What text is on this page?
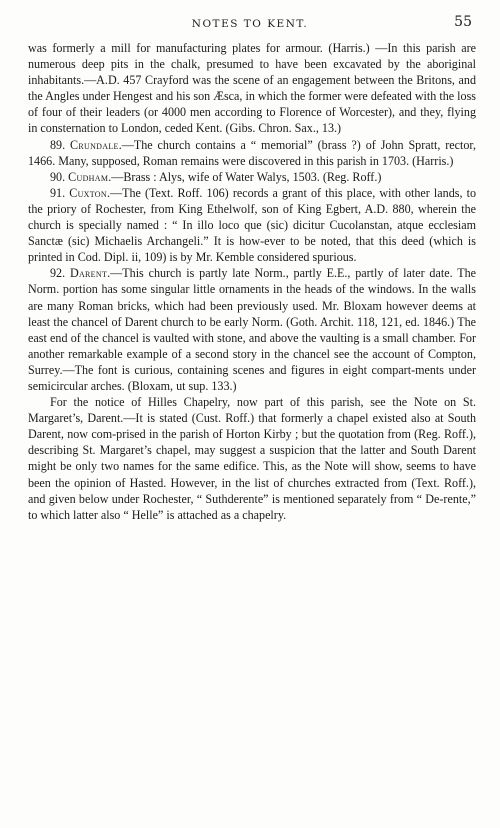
NOTES TO KENT.	55

was formerly a mill for manufacturing plates for armour. (Harris.) —In this parish are numerous deep pits in the chalk, presumed to have been excavated by the aboriginal inhabitants.—A.D. 457 Crayford was the scene of an engagement between the Britons, and the Angles under Hengest and his son Æsca, in which the former were defeated with the loss of four of their leaders (or 4000 men according to Florence of Worcester), and they, flying in consternation to London, ceded Kent. (Gibs. Chron. Sax., 13.)

89. Crundale.—The church contains a “ memorial” (brass ?) of John Spratt, rector, 1466. Many, supposed, Roman remains were discovered in this parish in 1703. (Harris.)

90. Cudham.—Brass : Alys, wife of Water Walys, 1503. (Reg. Roff.)

91. Cuxton.—The (Text. Roff. 106) records a grant of this place, with other lands, to the priory of Rochester, from King Ethelwolf, son of King Egbert, A.D. 880, wherein the church is specially named : “ In illo loco que (sic) dicitur Cucolanstan, atque ecclesiam Sanctæ (sic) Michaelis Archangeli.” It is how-ever to be noted, that this deed (which is printed in Cod. Dipl. ii, 109) is by Mr. Kemble considered spurious.

92. Darent.—This church is partly late Norm., partly E.E., partly of later date. The Norm. portion has some singular little ornaments in the heads of the windows. In the walls are many Roman bricks, which had been previously used. Mr. Bloxam however deems at least the chancel of Darent church to be early Norm. (Goth. Archit. 118, 121, ed. 1846.) The east end of the chancel is vaulted with stone, and above the vaulting is a small chamber. For another remarkable example of a second story in the chancel see the account of Compton, Surrey.—The font is curious, containing scenes and figures in eight compart-ments under semicircular arches. (Bloxam, ut sup. 133.)

For the notice of Hilles Chapelry, now part of this parish, see the Note on St. Margaret’s, Darent.—It is stated (Cust. Roff.) that formerly a chapel existed also at South Darent, now com-prised in the parish of Horton Kirby ; but the quotation from (Reg. Roff.), describing St. Margaret’s chapel, may suggest a suspicion that the latter and South Darent might be only two names for the same edifice. This, as the Note will show, seems to have been the opinion of Hasted. However, in the list of churches extracted from (Text. Roff.), and given below under Rochester, “ Suthderente” is mentioned separately from “ De-rente,” to which latter also “ Helle” is attached as a chapelry.
